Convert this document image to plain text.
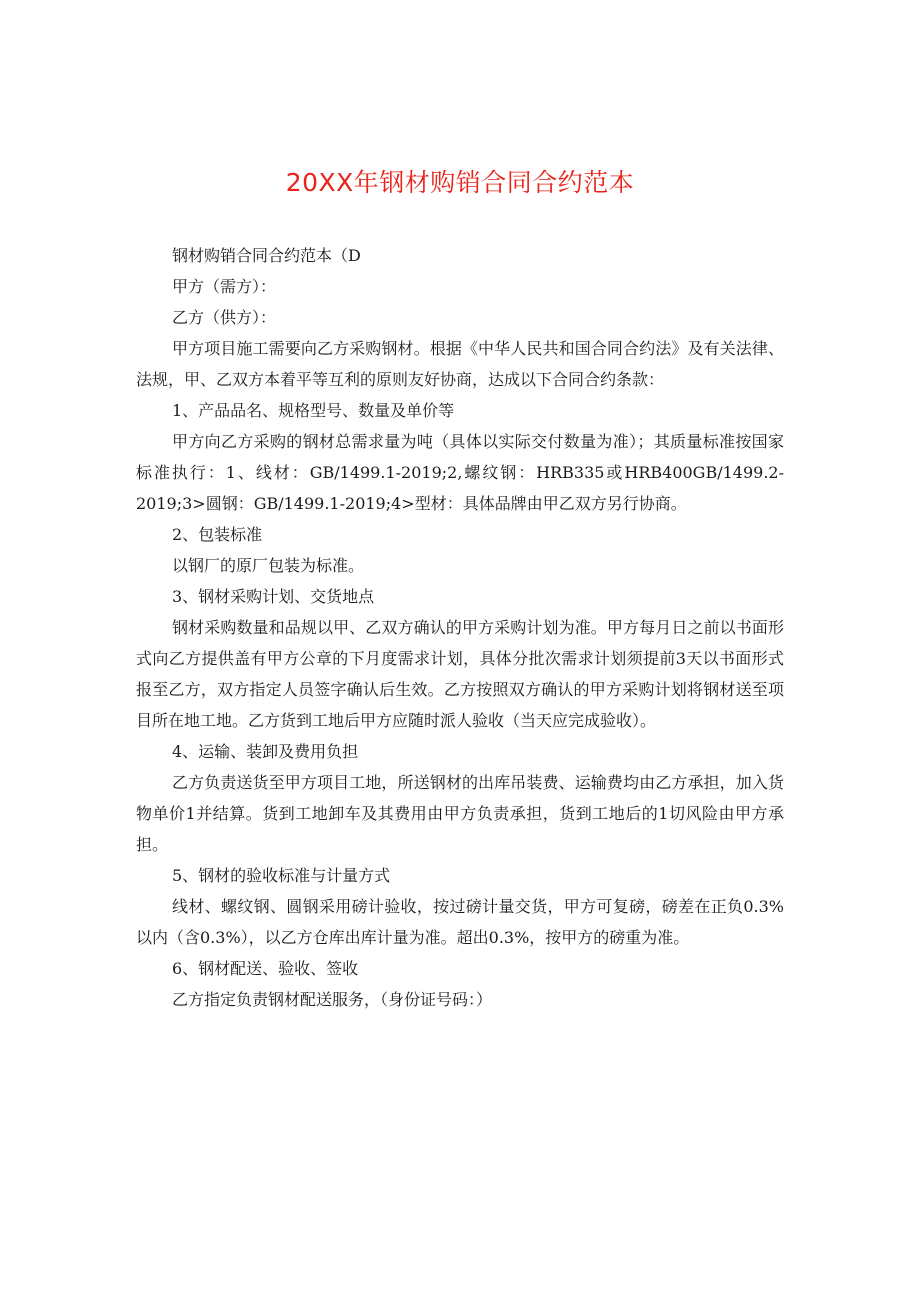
20XX年钢材购销合同合约范本

钢材购销合同合约范本（D

甲方（需方）：

乙方（供方）：

甲方项目施工需要向乙方采购钢材。根据《中华人民共和国合同合约法》及有关法律、法规，甲、乙双方本着平等互利的原则友好协商，达成以下合同合约条款：

1、产品品名、规格型号、数量及单价等

甲方向乙方采购的钢材总需求量为吨（具体以实际交付数量为准）；其质量标准按国家标准执行：1、线材：GB/1499.1-2019;2,螺纹钢：HRB335或HRB400GB/1499.2-2019;3>圆钢：GB/1499.1-2019;4>型材：具体品牌由甲乙双方另行协商。

2、包装标准

以钢厂的原厂包装为标准。

3、钢材采购计划、交货地点

钢材采购数量和品规以甲、乙双方确认的甲方采购计划为准。甲方每月日之前以书面形式向乙方提供盖有甲方公章的下月度需求计划，具体分批次需求计划须提前3天以书面形式报至乙方，双方指定人员签字确认后生效。乙方按照双方确认的甲方采购计划将钢材送至项目所在地工地。乙方货到工地后甲方应随时派人验收（当天应完成验收）。

4、运输、装卸及费用负担

乙方负责送货至甲方项目工地，所送钢材的出库吊装费、运输费均由乙方承担，加入货物单价1并结算。货到工地卸车及其费用由甲方负责承担，货到工地后的1切风险由甲方承担。

5、钢材的验收标准与计量方式

线材、螺纹钢、圆钢采用磅计验收，按过磅计量交货，甲方可复磅，磅差在正负0.3%以内（含0.3%），以乙方仓库出库计量为准。超出0.3%，按甲方的磅重为准。

6、钢材配送、验收、签收

乙方指定负责钢材配送服务，（身份证号码：）
